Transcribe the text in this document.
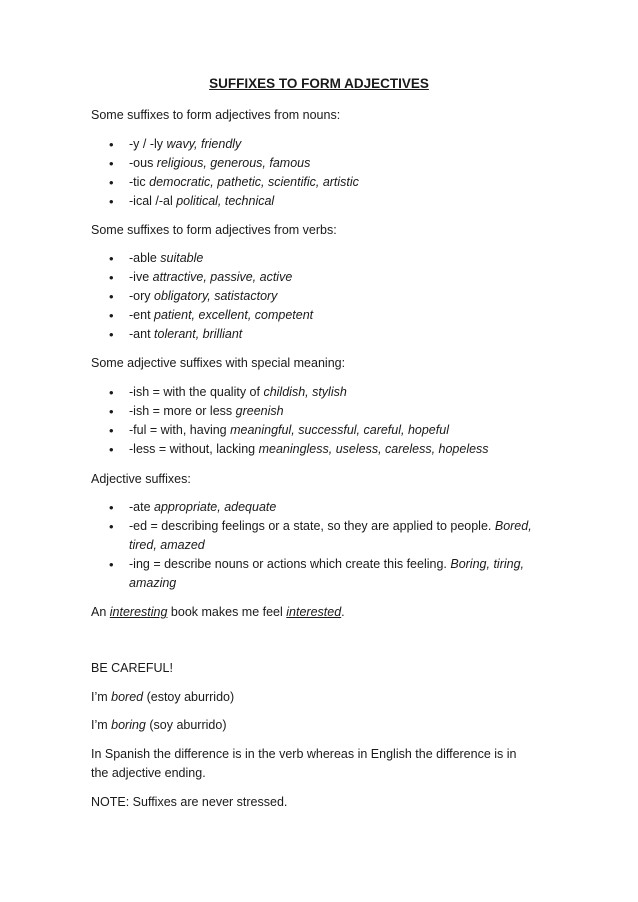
SUFFIXES TO FORM ADJECTIVES
Some suffixes to form adjectives from nouns:
• -y / -ly wavy, friendly
• -ous religious, generous, famous
• -tic democratic, pathetic, scientific, artistic
• -ical /-al political, technical
Some suffixes to form adjectives from verbs:
• -able suitable
• -ive attractive, passive, active
• -ory obligatory, satistactory
• -ent patient, excellent, competent
• -ant tolerant, brilliant
Some adjective suffixes with special meaning:
• -ish = with the quality of childish, stylish
• -ish = more or less greenish
• -ful = with, having meaningful, successful, careful, hopeful
• -less = without, lacking meaningless, useless, careless, hopeless
Adjective suffixes:
• -ate appropriate, adequate
• -ed = describing feelings or a state, so they are applied to people. Bored, tired, amazed
• -ing = describe nouns or actions which create this feeling. Boring, tiring, amazing
An interesting book makes me feel interested.
BE CAREFUL!
I’m bored (estoy aburrido)
I’m boring (soy aburrido)
In Spanish the difference is in the verb whereas in English the difference is in the adjective ending.
NOTE: Suffixes are never stressed.
